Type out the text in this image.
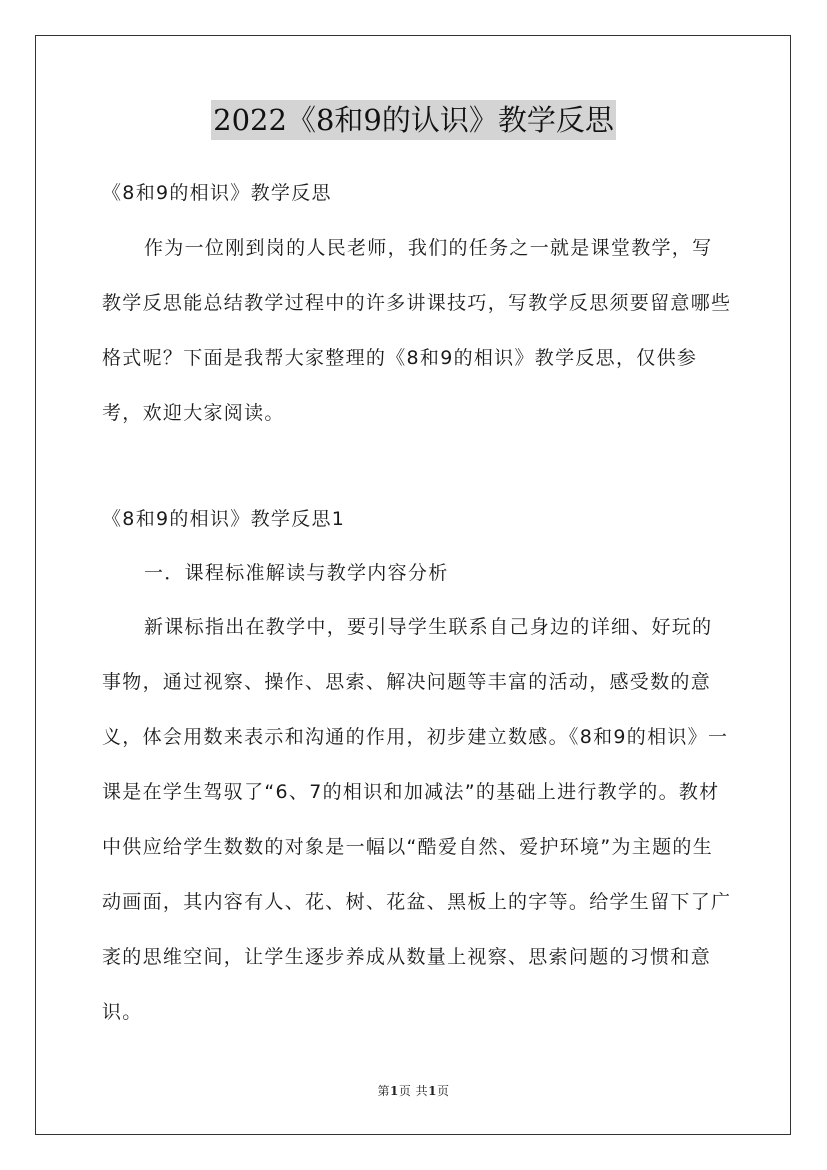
2022《8和9的认识》教学反思
《8和9的相识》教学反思
作为一位刚到岗的人民老师，我们的任务之一就是课堂教学，写教学反思能总结教学过程中的许多讲课技巧，写教学反思须要留意哪些格式呢？下面是我帮大家整理的《8和9的相识》教学反思，仅供参考，欢迎大家阅读。
《8和9的相识》教学反思1
一．课程标准解读与教学内容分析
新课标指出在教学中，要引导学生联系自己身边的详细、好玩的事物，通过视察、操作、思索、解决问题等丰富的活动，感受数的意义，体会用数来表示和沟通的作用，初步建立数感。《8和9的相识》一课是在学生驾驭了“6、7的相识和加减法”的基础上进行教学的。教材中供应给学生数数的对象是一幅以“酷爱自然、爱护环境”为主题的生动画面，其内容有人、花、树、花盆、黑板上的字等。给学生留下了广袤的思维空间，让学生逐步养成从数量上视察、思索问题的习惯和意识。
第1页 共1页
